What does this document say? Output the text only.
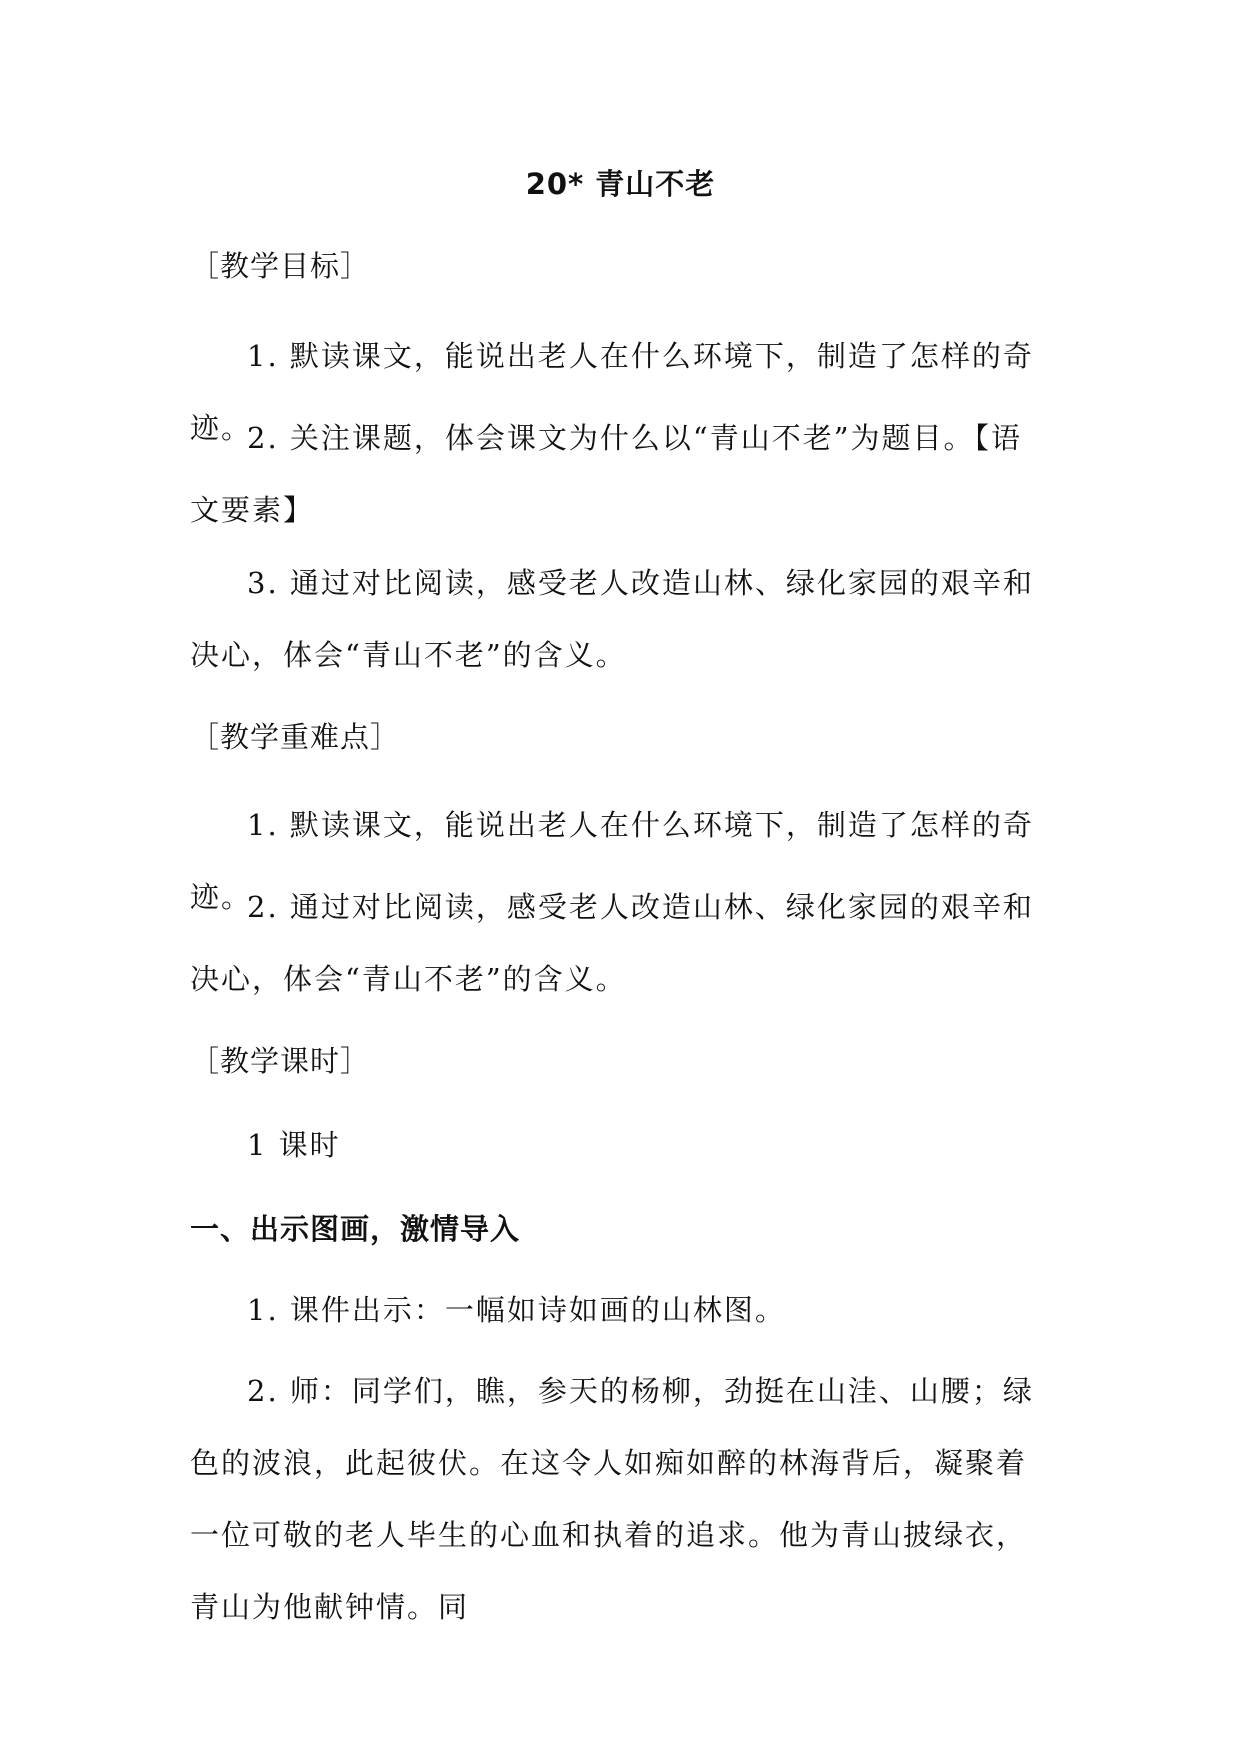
20* 青山不老
［教学目标］
1. 默读课文，能说出老人在什么环境下，制造了怎样的奇迹。
2. 关注课题，体会课文为什么以“青山不老”为题目。【语文要素】
3. 通过对比阅读，感受老人改造山林、绿化家园的艰辛和决心，体会“青山不老”的含义。
［教学重难点］
1. 默读课文，能说出老人在什么环境下，制造了怎样的奇迹。
2. 通过对比阅读，感受老人改造山林、绿化家园的艰辛和决心，体会“青山不老”的含义。
［教学课时］
1 课时
一、出示图画，激情导入
1. 课件出示：一幅如诗如画的山林图。
2. 师：同学们，瞧，参天的杨柳，劲挺在山洼、山腰；绿色的波浪，此起彼伏。在这令人如痴如醉的林海背后，凝聚着一位可敬的老人毕生的心血和执着的追求。他为青山披绿衣，青山为他献钟情。同
